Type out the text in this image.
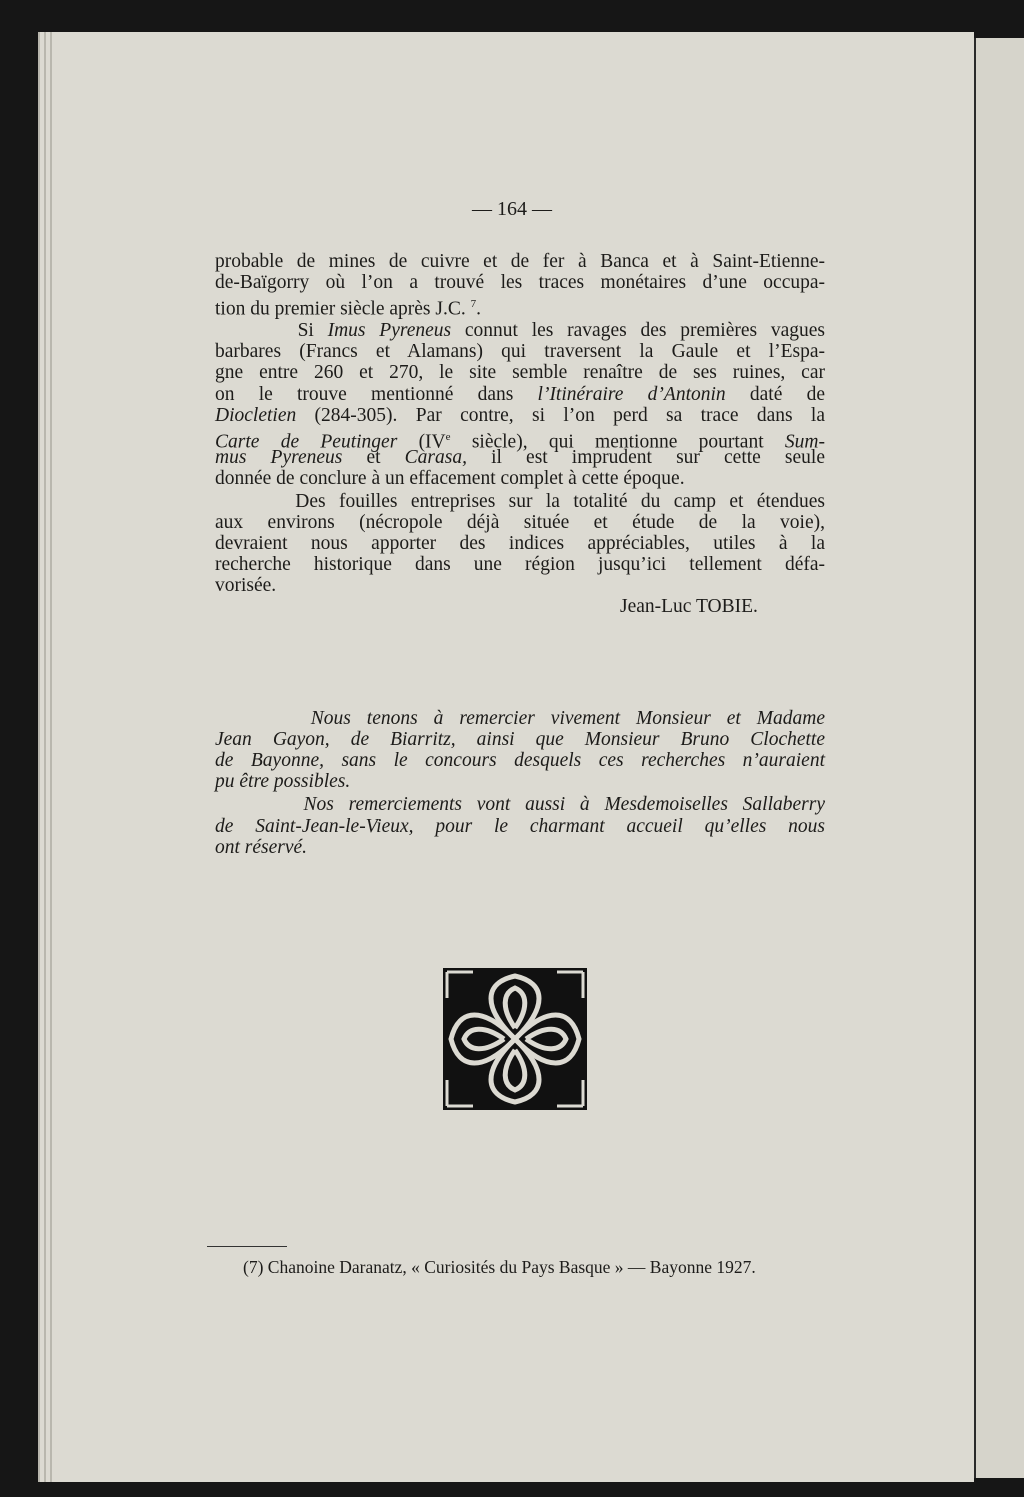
— 164 —
probable de mines de cuivre et de fer à Banca et à Saint-Etienne-
de-Baïgorry où l’on a trouvé les traces monétaires d’une occupa-
tion du premier siècle après J.C. $^7$.
Si Imus Pyreneus connut les ravages des premières vagues
barbares (Francs et Alamans) qui traversent la Gaule et l’Espa-
gne entre 260 et 270, le site semble renaître de ses ruines, car
on le trouve mentionné dans l’Itinéraire d’Antonin daté de
Diocletien (284-305). Par contre, si l’on perd sa trace dans la
Carte de Peutinger (IVe siècle), qui mentionne pourtant Sum-
mus Pyreneus et Carasa, il est imprudent sur cette seule
donnée de conclure à un effacement complet à cette époque.
Des fouilles entreprises sur la totalité du camp et étendues
aux environs (nécropole déjà située et étude de la voie),
devraient nous apporter des indices appréciables, utiles à la
recherche historique dans une région jusqu’ici tellement défa-
vorisée.
Nous tenons à remercier vivement Monsieur et Madame
Jean Gayon, de Biarritz, ainsi que Monsieur Bruno Clochette
de Bayonne, sans le concours desquels ces recherches n’auraient
pu être possibles.
Nos remerciements vont aussi à Mesdemoiselles Sallaberry
de Saint-Jean-le-Vieux, pour le charmant accueil qu’elles nous
ont réservé.
Jean-Luc TOBIE.
(7) Chanoine Daranatz, « Curiosités du Pays Basque » — Bayonne 1927.
